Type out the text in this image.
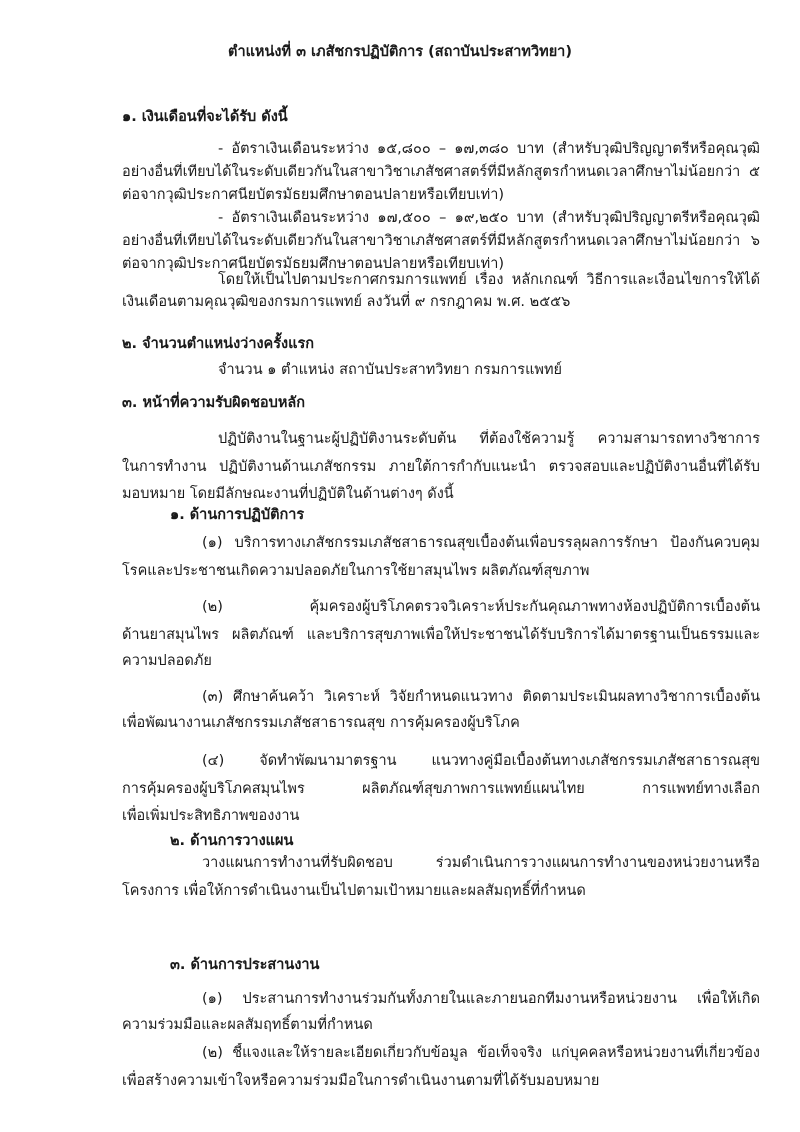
ตำแหน่งที่ ๓ เภสัชกรปฏิบัติการ (สถาบันประสาทวิทยา)
๑. เงินเดือนที่จะได้รับ ดังนี้
- อัตราเงินเดือนระหว่าง ๑๕,๘๐๐ – ๑๗,๓๘๐ บาท (สำหรับวุฒิปริญญาตรีหรือคุณวุฒิ
อย่างอื่นที่เทียบได้ในระดับเดียวกันในสาขาวิชาเภสัชศาสตร์ที่มีหลักสูตรกำหนดเวลาศึกษาไม่น้อยกว่า ๕
ต่อจากวุฒิประกาศนียบัตรมัธยมศึกษาตอนปลายหรือเทียบเท่า)
- อัตราเงินเดือนระหว่าง ๑๗,๕๐๐ – ๑๙,๒๕๐ บาท (สำหรับวุฒิปริญญาตรีหรือคุณวุฒิ
อย่างอื่นที่เทียบได้ในระดับเดียวกันในสาขาวิชาเภสัชศาสตร์ที่มีหลักสูตรกำหนดเวลาศึกษาไม่น้อยกว่า ๖
ต่อจากวุฒิประกาศนียบัตรมัธยมศึกษาตอนปลายหรือเทียบเท่า)
โดยให้เป็นไปตามประกาศกรมการแพทย์ เรื่อง หลักเกณฑ์ วิธีการและเงื่อนไขการให้ได้
เงินเดือนตามคุณวุฒิของกรมการแพทย์ ลงวันที่ ๙ กรกฎาคม พ.ศ. ๒๕๕๖
๒. จำนวนตำแหน่งว่างครั้งแรก
จำนวน ๑ ตำแหน่ง สถาบันประสาทวิทยา กรมการแพทย์
๓. หน้าที่ความรับผิดชอบหลัก
ปฏิบัติงานในฐานะผู้ปฏิบัติงานระดับต้น ที่ต้องใช้ความรู้ ความสามารถทางวิชาการ
ในการทำงาน ปฏิบัติงานด้านเภสัชกรรม ภายใต้การกำกับแนะนำ ตรวจสอบและปฏิบัติงานอื่นที่ได้รับ
มอบหมาย โดยมีลักษณะงานที่ปฏิบัติในด้านต่างๆ ดังนี้
๑. ด้านการปฏิบัติการ
(๑) บริการทางเภสัชกรรมเภสัชสาธารณสุขเบื้องต้นเพื่อบรรลุผลการรักษา ป้องกันควบคุม
โรคและประชาชนเกิดความปลอดภัยในการใช้ยาสมุนไพร ผลิตภัณฑ์สุขภาพ
(๒) คุ้มครองผู้บริโภคตรวจวิเคราะห์ประกันคุณภาพทางห้องปฏิบัติการเบื้องต้น
ด้านยาสมุนไพร ผลิตภัณฑ์ และบริการสุขภาพเพื่อให้ประชาชนได้รับบริการได้มาตรฐานเป็นธรรมและ
ความปลอดภัย
(๓) ศึกษาค้นคว้า วิเคราะห์ วิจัยกำหนดแนวทาง ติดตามประเมินผลทางวิชาการเบื้องต้น
เพื่อพัฒนางานเภสัชกรรมเภสัชสาธารณสุข การคุ้มครองผู้บริโภค
(๔) จัดทำพัฒนามาตรฐาน แนวทางคู่มือเบื้องต้นทางเภสัชกรรมเภสัชสาธารณสุข
การคุ้มครองผู้บริโภคสมุนไพร ผลิตภัณฑ์สุขภาพการแพทย์แผนไทย การแพทย์ทางเลือก
เพื่อเพิ่มประสิทธิภาพของงาน
๒. ด้านการวางแผน
วางแผนการทำงานที่รับผิดชอบ ร่วมดำเนินการวางแผนการทำงานของหน่วยงานหรือ
โครงการ เพื่อให้การดำเนินงานเป็นไปตามเป้าหมายและผลสัมฤทธิ์ที่กำหนด
๓. ด้านการประสานงาน
(๑) ประสานการทำงานร่วมกันทั้งภายในและภายนอกทีมงานหรือหน่วยงาน เพื่อให้เกิด
ความร่วมมือและผลสัมฤทธิ์ตามที่กำหนด
(๒) ชี้แจงและให้รายละเอียดเกี่ยวกับข้อมูล ข้อเท็จจริง แก่บุคคลหรือหน่วยงานที่เกี่ยวข้อง
เพื่อสร้างความเข้าใจหรือความร่วมมือในการดำเนินงานตามที่ได้รับมอบหมาย
